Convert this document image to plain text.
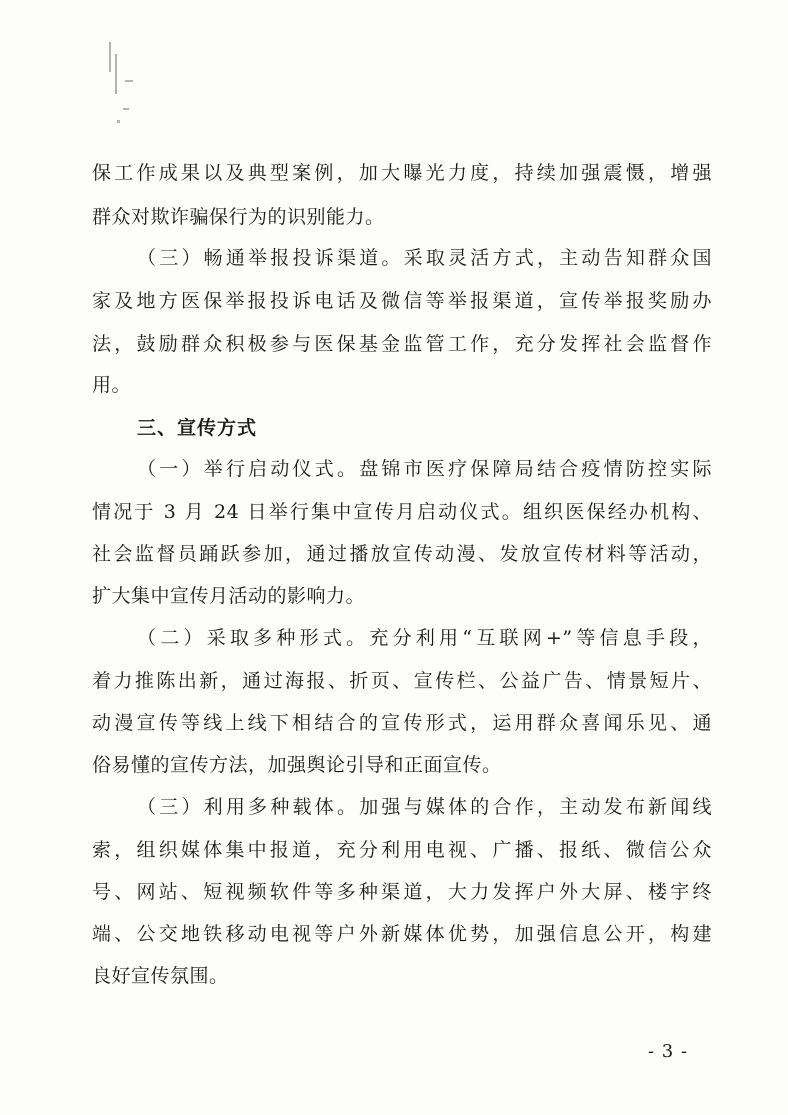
保工作成果以及典型案例，加大曝光力度，持续加强震慑，增强
群众对欺诈骗保行为的识别能力。
（三）畅通举报投诉渠道。采取灵活方式，主动告知群众国
家及地方医保举报投诉电话及微信等举报渠道，宣传举报奖励办
法，鼓励群众积极参与医保基金监管工作，充分发挥社会监督作
用。
三、宣传方式
（一）举行启动仪式。盘锦市医疗保障局结合疫情防控实际
情况于 3 月 24 日举行集中宣传月启动仪式。组织医保经办机构、
社会监督员踊跃参加，通过播放宣传动漫、发放宣传材料等活动，
扩大集中宣传月活动的影响力。
（二）采取多种形式。充分利用“互联网+”等信息手段，
着力推陈出新，通过海报、折页、宣传栏、公益广告、情景短片、
动漫宣传等线上线下相结合的宣传形式，运用群众喜闻乐见、通
俗易懂的宣传方法，加强舆论引导和正面宣传。
（三）利用多种载体。加强与媒体的合作，主动发布新闻线
索，组织媒体集中报道，充分利用电视、广播、报纸、微信公众
号、网站、短视频软件等多种渠道，大力发挥户外大屏、楼宇终
端、公交地铁移动电视等户外新媒体优势，加强信息公开，构建
良好宣传氛围。
- 3 -
